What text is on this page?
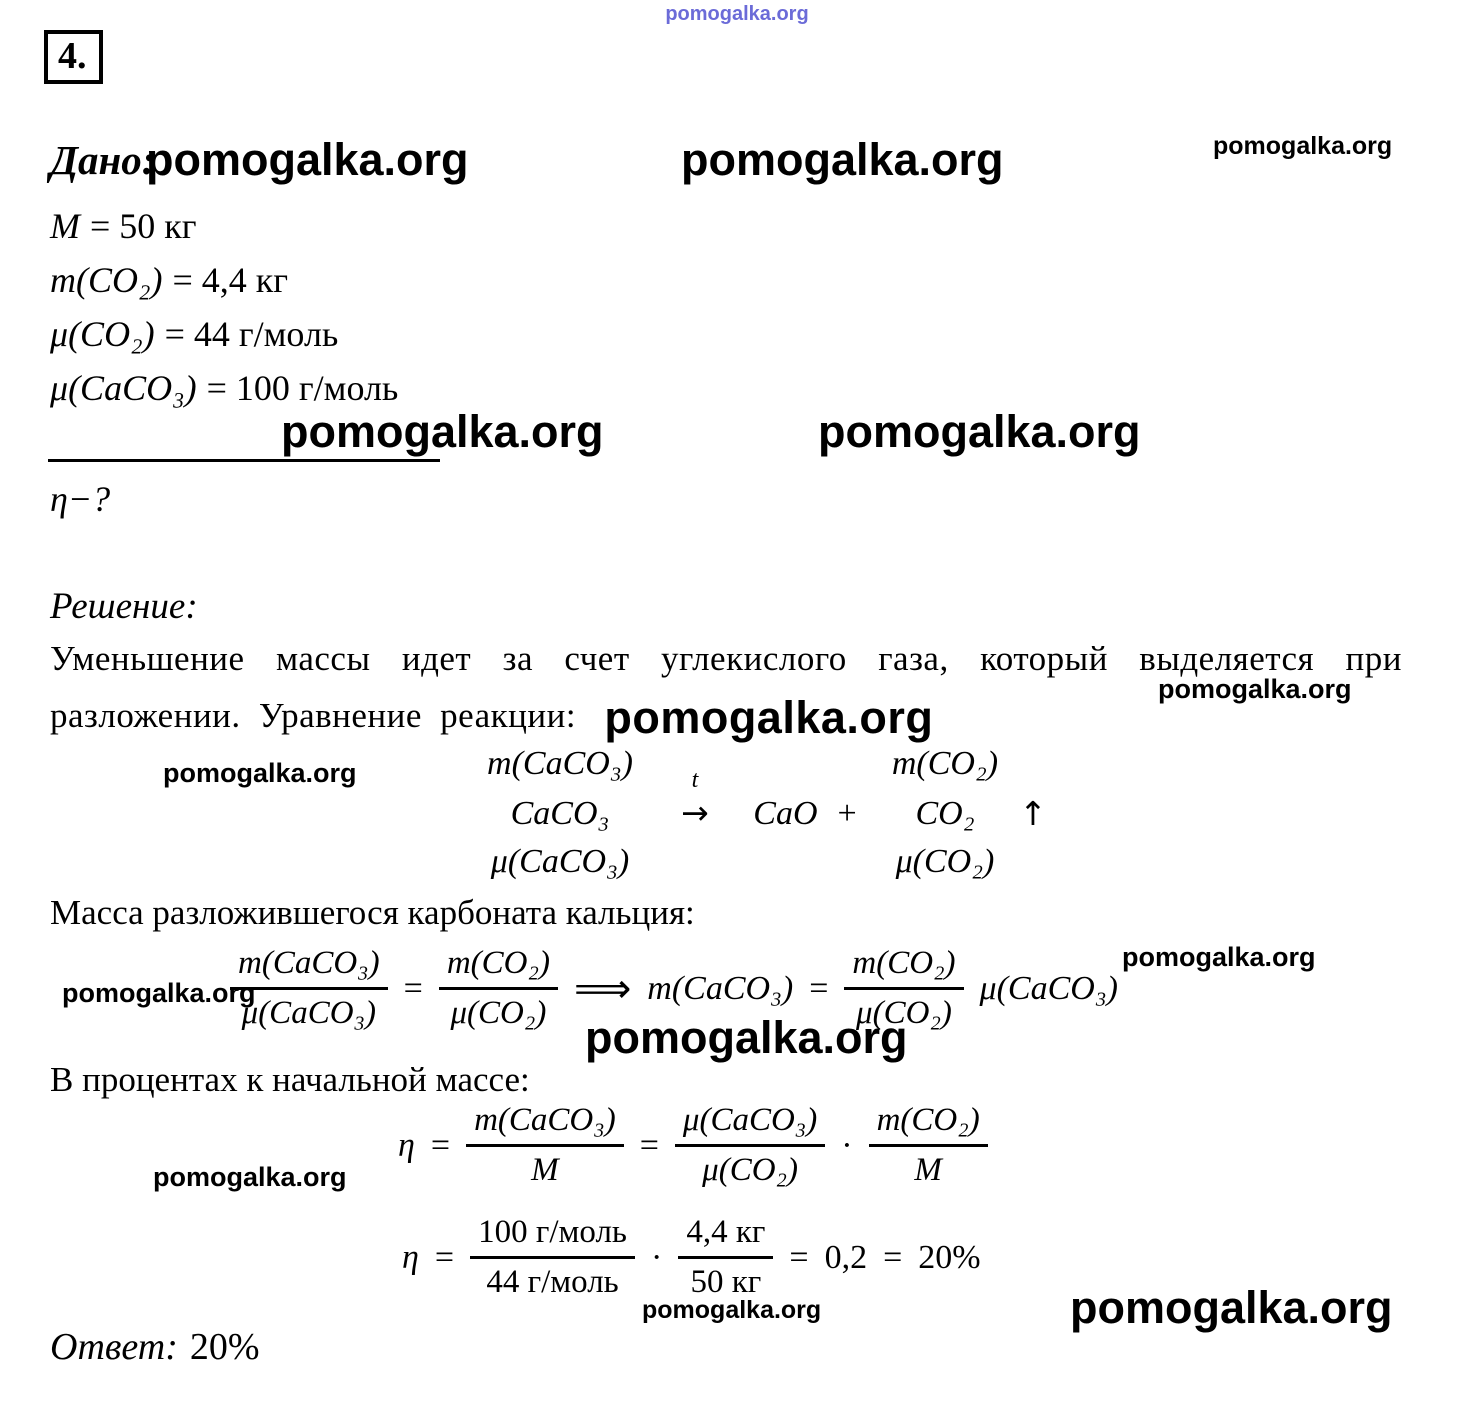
pomogalka.org
4.
Дано:
pomogalka.org	pomogalka.org	pomogalka.org
M = 50 кг
m(CO₂) = 4,4 кг
μ(CO₂) = 44 г/моль
μ(CaCO₃) = 100 г/моль
pomogalka.org	pomogalka.org
η−?
Решение:

Уменьшение массы идет за счет углекислого газа, который выделяется при разложении. Уравнение реакции: pomogalka.org

pomogalka.org
pomogalka.org	m(CaCO₃)	m(CO₂)
CaCO₃
t
→ CaO +	CO₂	↑
μ(CaCO₃)	μ(CO₂)
Масса разложившегося карбоната кальция:
pomogalka.org
pomogalka.org
$\frac{\text{m(CaCO₃)}}{\text{μ(CaCO₃)}} = \frac{\text{m(CO₂)}}{\text{μ(CO₂)}}$ ⟹ m(CaCO₃) = $\frac{\text{m(CO₂)}}{\text{μ(CO₂)}}$ μ(CaCO₃)
pomogalka.org
В процентах к начальной массе:
pomogalka.org
$\eta = \frac{\text{m(CaCO₃)}}{M} = \frac{\text{μ(CaCO₃)}}{\text{μ(CO₂)}} \cdot \frac{\text{m(CO₂)}}{M}$
$\eta = \frac{\text{100 г/моль}}{\text{44 г/моль}} \cdot \frac{4,4 кг}{50 кг} = 0,2 = 20\%$
pomogalka.org	pomogalka.org
Ответ: 20%
